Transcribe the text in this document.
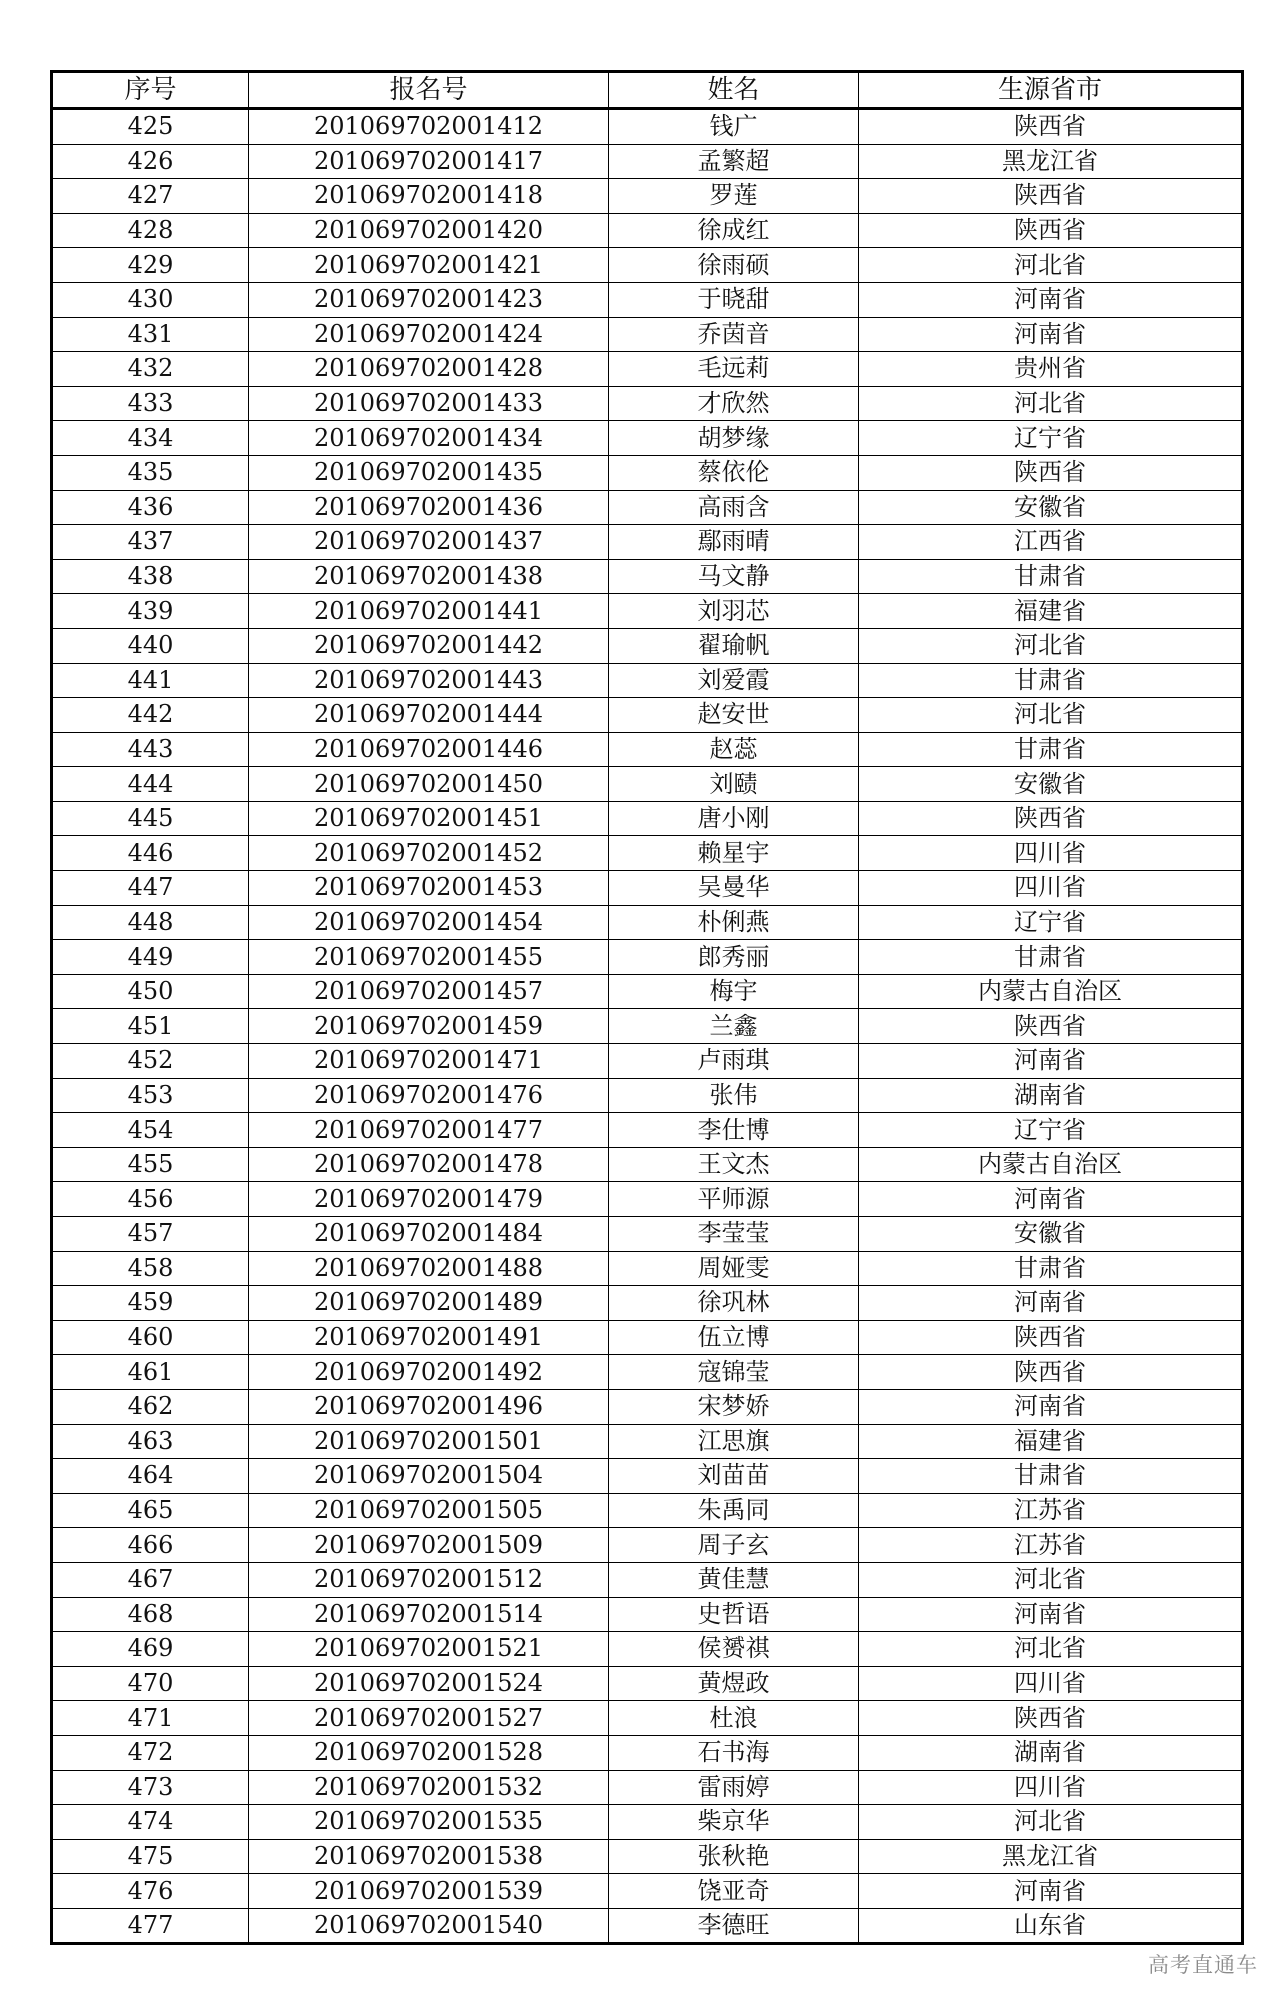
序号	报名号	姓名	生源省市
425	201069702001412	钱广	陕西省
426	201069702001417	孟繁超	黑龙江省
427	201069702001418	罗莲	陕西省
428	201069702001420	徐成红	陕西省
429	201069702001421	徐雨硕	河北省
430	201069702001423	于晓甜	河南省
431	201069702001424	乔茵音	河南省
432	201069702001428	毛远莉	贵州省
433	201069702001433	才欣然	河北省
434	201069702001434	胡梦缘	辽宁省
435	201069702001435	蔡依伦	陕西省
436	201069702001436	高雨含	安徽省
437	201069702001437	鄢雨晴	江西省
438	201069702001438	马文静	甘肃省
439	201069702001441	刘羽芯	福建省
440	201069702001442	翟瑜帆	河北省
441	201069702001443	刘爱霞	甘肃省
442	201069702001444	赵安世	河北省
443	201069702001446	赵蕊	甘肃省
444	201069702001450	刘赜	安徽省
445	201069702001451	唐小刚	陕西省
446	201069702001452	赖星宇	四川省
447	201069702001453	吴曼华	四川省
448	201069702001454	朴俐燕	辽宁省
449	201069702001455	郎秀丽	甘肃省
450	201069702001457	梅宇	内蒙古自治区
451	201069702001459	兰鑫	陕西省
452	201069702001471	卢雨琪	河南省
453	201069702001476	张伟	湖南省
454	201069702001477	李仕博	辽宁省
455	201069702001478	王文杰	内蒙古自治区
456	201069702001479	平师源	河南省
457	201069702001484	李莹莹	安徽省
458	201069702001488	周娅雯	甘肃省
459	201069702001489	徐巩林	河南省
460	201069702001491	伍立博	陕西省
461	201069702001492	寇锦莹	陕西省
462	201069702001496	宋梦娇	河南省
463	201069702001501	江思旗	福建省
464	201069702001504	刘苗苗	甘肃省
465	201069702001505	朱禹同	江苏省
466	201069702001509	周子玄	江苏省
467	201069702001512	黄佳慧	河北省
468	201069702001514	史哲语	河南省
469	201069702001521	侯赟祺	河北省
470	201069702001524	黄煜政	四川省
471	201069702001527	杜浪	陕西省
472	201069702001528	石书海	湖南省
473	201069702001532	雷雨婷	四川省
474	201069702001535	柴京华	河北省
475	201069702001538	张秋艳	黑龙江省
476	201069702001539	饶亚奇	河南省
477	201069702001540	李德旺	山东省
高考直通车
